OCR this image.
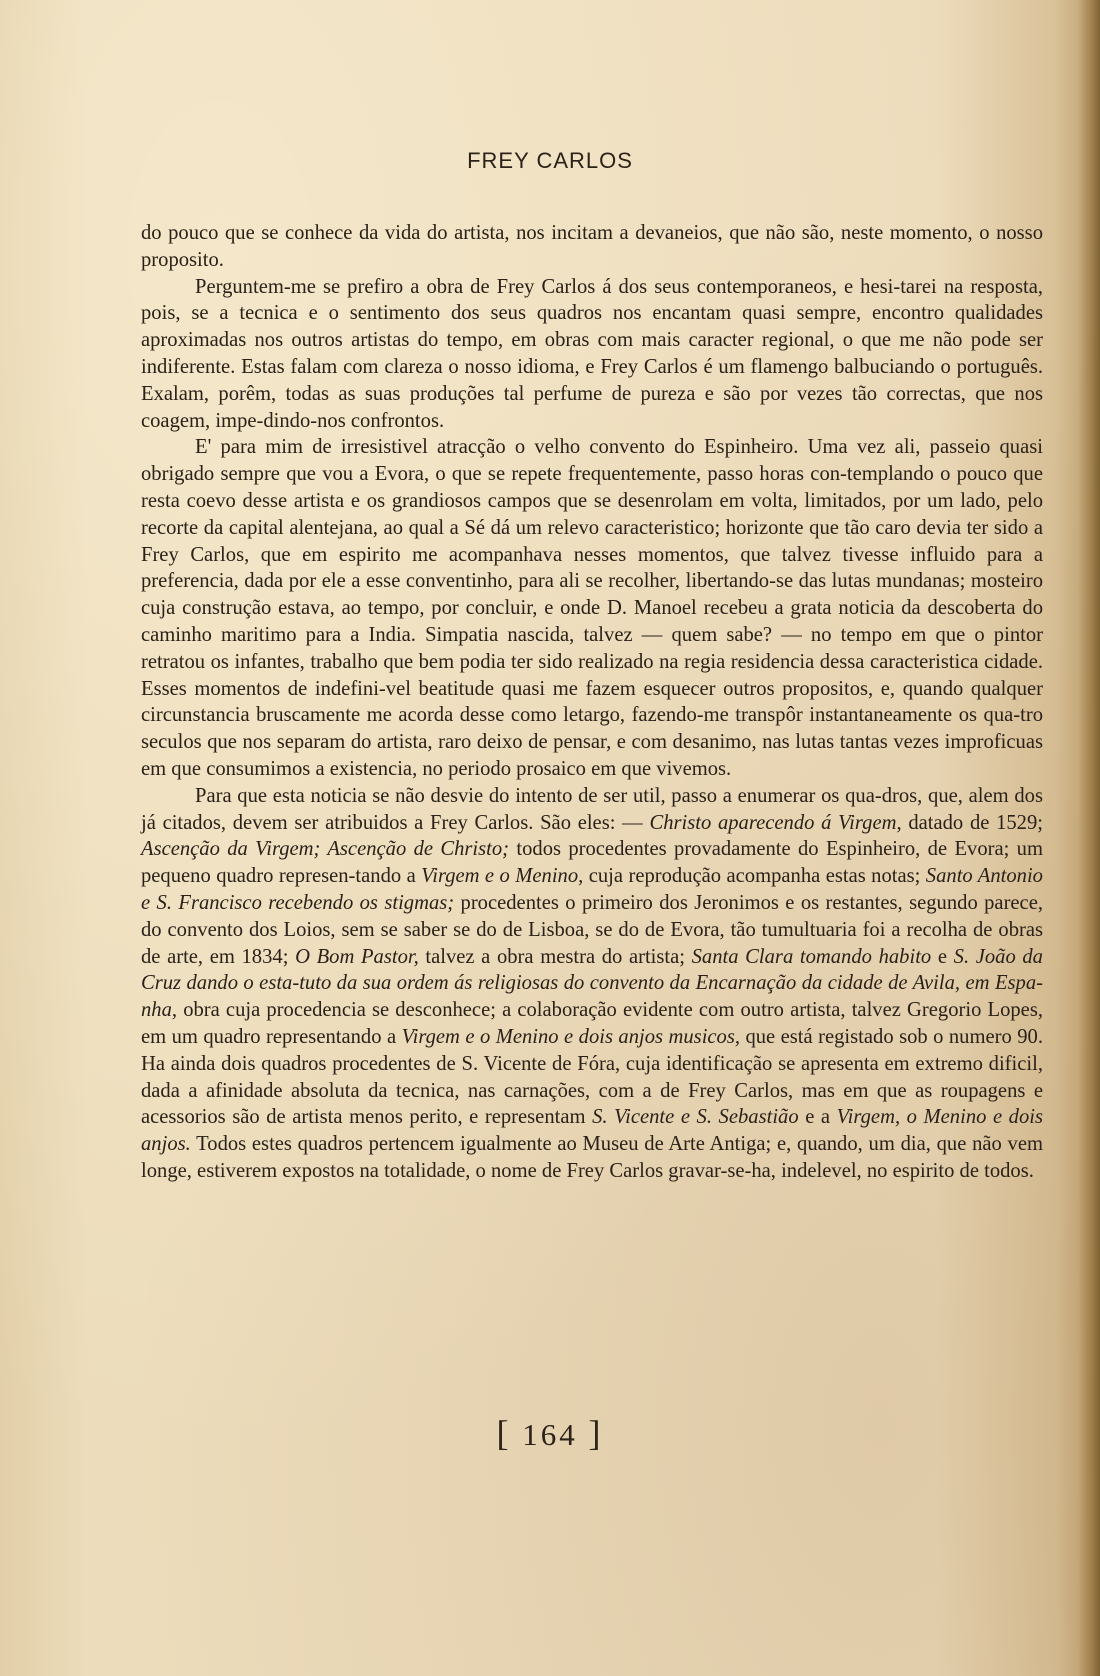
FREY CARLOS

do pouco que se conhece da vida do artista, nos incitam a devaneios, que não são, neste momento, o nosso proposito.

Perguntem-me se prefiro a obra de Frey Carlos á dos seus contemporaneos, e hesi-tarei na resposta, pois, se a tecnica e o sentimento dos seus quadros nos encantam quasi sempre, encontro qualidades aproximadas nos outros artistas do tempo, em obras com mais caracter regional, o que me não pode ser indiferente. Estas falam com clareza o nosso idioma, e Frey Carlos é um flamengo balbuciando o português. Exalam, porêm, todas as suas produções tal perfume de pureza e são por vezes tão correctas, que nos coagem, impe-dindo-nos confrontos.

E' para mim de irresistivel atracção o velho convento do Espinheiro. Uma vez ali, passeio quasi obrigado sempre que vou a Evora, o que se repete frequentemente, passo horas con-templando o pouco que resta coevo desse artista e os grandiosos campos que se desenrolam em volta, limitados, por um lado, pelo recorte da capital alentejana, ao qual a Sé dá um relevo caracteristico; horizonte que tão caro devia ter sido a Frey Carlos, que em espirito me acompanhava nesses momentos, que talvez tivesse influido para a preferencia, dada por ele a esse conventinho, para ali se recolher, libertando-se das lutas mundanas; mosteiro cuja construção estava, ao tempo, por concluir, e onde D. Manoel recebeu a grata noticia da descoberta do caminho maritimo para a India. Simpatia nascida, talvez — quem sabe? — no tempo em que o pintor retratou os infantes, trabalho que bem podia ter sido realizado na regia residencia dessa caracteristica cidade. Esses momentos de indefini-vel beatitude quasi me fazem esquecer outros propositos, e, quando qualquer circunstancia bruscamente me acorda desse como letargo, fazendo-me transpôr instantaneamente os qua-tro seculos que nos separam do artista, raro deixo de pensar, e com desanimo, nas lutas tantas vezes improficuas em que consumimos a existencia, no periodo prosaico em que vivemos.

Para que esta noticia se não desvie do intento de ser util, passo a enumerar os qua-dros, que, alem dos já citados, devem ser atribuidos a Frey Carlos. São eles: — Christo aparecendo á Virgem, datado de 1529; Ascenção da Virgem; Ascenção de Christo; todos procedentes provadamente do Espinheiro, de Evora; um pequeno quadro represen-tando a Virgem e o Menino, cuja reprodução acompanha estas notas; Santo Antonio e S. Francisco recebendo os stigmas; procedentes o primeiro dos Jeronimos e os restantes, segundo parece, do convento dos Loios, sem se saber se do de Lisboa, se do de Evora, tão tumultuaria foi a recolha de obras de arte, em 1834; O Bom Pastor, talvez a obra mestra do artista; Santa Clara tomando habito e S. João da Cruz dando o esta-tuto da sua ordem ás religiosas do convento da Encarnação da cidade de Avila, em Espa-nha, obra cuja procedencia se desconhece; a colaboração evidente com outro artista, talvez Gregorio Lopes, em um quadro representando a Virgem e o Menino e dois anjos musicos, que está registado sob o numero 90. Ha ainda dois quadros procedentes de S. Vicente de Fóra, cuja identificação se apresenta em extremo dificil, dada a afinidade absoluta da tecnica, nas carnações, com a de Frey Carlos, mas em que as roupagens e acessorios são de artista menos perito, e representam S. Vicente e S. Sebastião e a Virgem, o Menino e dois anjos. Todos estes quadros pertencem igualmente ao Museu de Arte Antiga; e, quando, um dia, que não vem longe, estiverem expostos na totalidade, o nome de Frey Carlos gravar-se-ha, indelevel, no espirito de todos.

[ 164 ]
